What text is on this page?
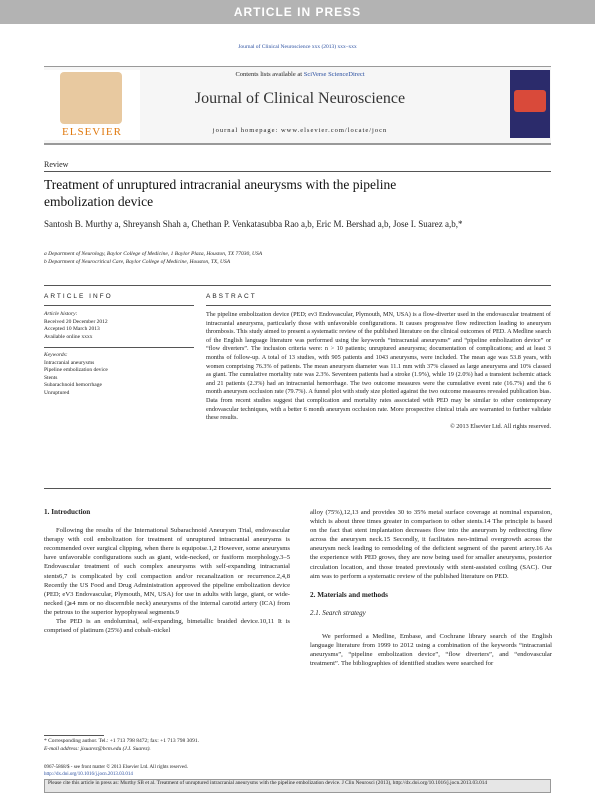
ARTICLE IN PRESS
Journal of Clinical Neuroscience xxx (2013) xxx–xxx
ELSEVIER
Contents lists available at SciVerse ScienceDirect
Journal of Clinical Neuroscience
journal homepage: www.elsevier.com/locate/jocn
Review
Treatment of unruptured intracranial aneurysms with the pipeline embolization device
Santosh B. Murthy a, Shreyansh Shah a, Chethan P. Venkatasubba Rao a,b, Eric M. Bershad a,b, Jose I. Suarez a,b,*
a Department of Neurology, Baylor College of Medicine, 1 Baylor Plaza, Houston, TX 77030, USA
b Department of Neurocritical Care, Baylor College of Medicine, Houston, TX, USA
ARTICLE INFO	ABSTRACT
Article history:
Received 20 December 2012
Accepted 10 March 2013
Available online xxxx
Keywords:
Intracranial aneurysms
Pipeline embolization device
Stents
Subarachnoid hemorrhage
Unruptured
The pipeline embolization device (PED; ev3 Endovascular, Plymouth, MN, USA) is a flow-diverter used in the endovascular treatment of intracranial aneurysms, particularly those with unfavorable configurations. It causes progressive flow redirection leading to aneurysm thrombosis. This study aimed to present a systematic review of the published literature on the clinical outcomes of PED. A Medline search of the English language literature was performed using the keywords “intracranial aneurysms” and “pipeline embolization device” or “flow diverters”. The inclusion criteria were: n > 10 patients; unruptured aneurysms; documentation of complications; and at least 3 months of follow-up. A total of 13 studies, with 905 patients and 1043 aneurysms, were included. The mean age was 53.8 years, with women comprising 76.3% of patients. The mean aneurysm diameter was 11.1 mm with 37% classed as large aneurysms and 10% classed as giant. The cumulative mortality rate was 2.3%. Seventeen patients had a stroke (1.9%), while 19 (2.0%) had a transient ischemic attack and 21 patients (2.3%) had an intracranial hemorrhage. The two outcome measures were the cumulative event rate (16.7%) and the 6 month aneurysm occlusion rate (79.7%). A funnel plot with study size plotted against the two outcome measures revealed publication bias. Data from recent studies suggest that complication and mortality rates associated with PED may be similar to other contemporary endovascular techniques, with a better 6 month aneurysm occlusion rate. More prospective clinical trials are warranted to further validate these results.
© 2013 Elsevier Ltd. All rights reserved.
1. Introduction

Following the results of the International Subarachnoid Aneurysm Trial, endovascular therapy with coil embolization for treatment of unruptured intracranial aneurysms is recommended over surgical clipping, when there is equipoise.1,2 However, some aneurysms have unfavorable configurations such as giant, wide-necked, or fusiform morphology.3–5 Endovascular treatment of such complex aneurysms with self-expanding intracranial stents6,7 is complicated by coil compaction and/or recanalization or recurrence.2,4,8 Recently the US Food and Drug Administration approved the pipeline embolization device (PED; eV3 Endovascular, Plymouth, MN, USA) for use in adults with large, giant, or wide-necked (⩾4 mm or no discernible neck) aneurysms of the internal carotid artery (ICA) from the petrous to the superior hypophyseal segments.9

The PED is an endoluminal, self-expanding, bimetallic braided device.10,11 It is comprised of platinum (25%) and cobalt–nickel

alloy (75%),12,13 and provides 30 to 35% metal surface coverage at nominal expansion, which is about three times greater in comparison to other stents.14 The principle is based on the fact that stent implantation decreases flow into the aneurysm by redirecting flow across the aneurysm neck.15 Secondly, it facilitates neo-intimal overgrowth across the aneurysm neck leading to remodeling of the deficient segment of the parent artery.16 As the experience with PED grows, they are now being used for smaller aneurysms, posterior circulation location, and those treated previously with stent-assisted coiling (SAC). Our aim was to perform a systematic review of the published literature on PED.

2. Materials and methods
2.1. Search strategy

We performed a Medline, Embase, and Cochrane library search of the English language literature from 1999 to 2012 using a combination of the keywords “intracranial aneurysms”, “pipeline embolization device”, “flow diverters”, and “endovascular treatment”. The bibliographies of identified studies were searched for

* Corresponding author. Tel.: +1 713 798 8472; fax: +1 713 798 3091.
E-mail address: jisuarez@bcm.edu (J.I. Suarez).
0967-5868/$ - see front matter © 2013 Elsevier Ltd. All rights reserved.
http://dx.doi.org/10.1016/j.jocn.2013.03.014
Please cite this article in press as: Murthy SB et al. Treatment of unruptured intracranial aneurysms with the pipeline embolization device. J Clin Neurosci (2013), http://dx.doi.org/10.1016/j.jocn.2013.03.014
